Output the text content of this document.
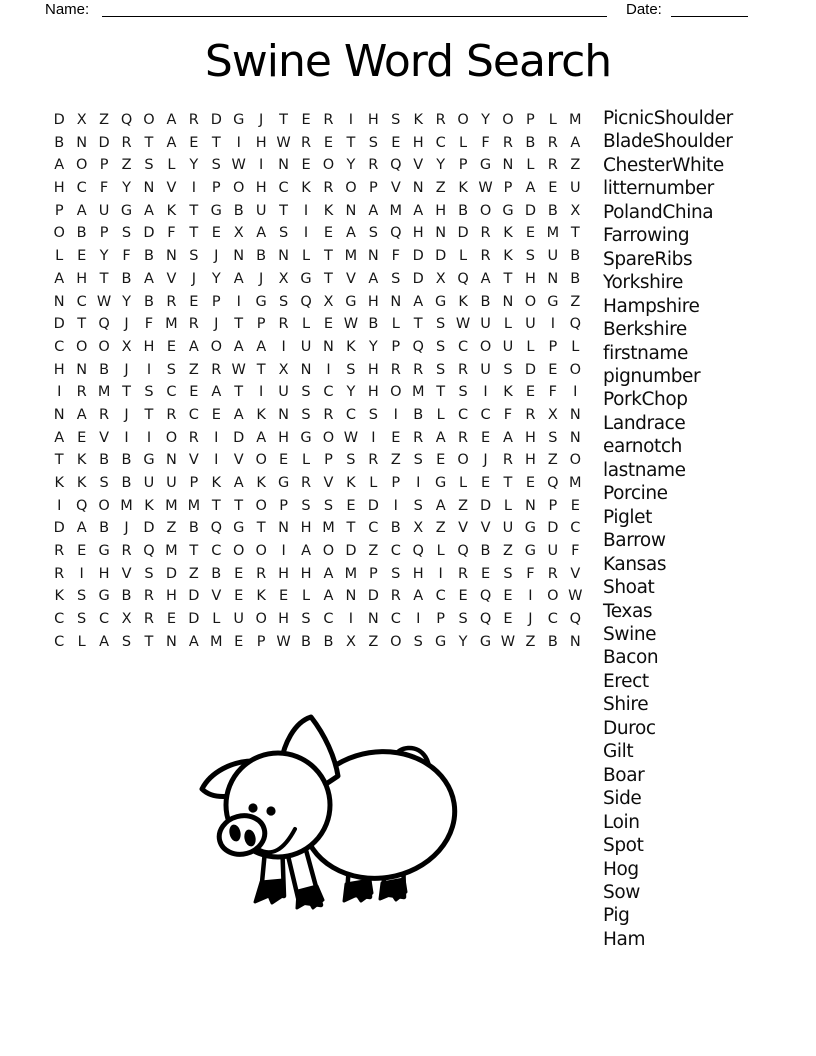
Name:	Date:
Swine Word Search
D X Z Q O A R D G	J	T E R	I	H S K R O Y O P L M
B N D R T A E T	I	H W R E T S E H C L F R B R A
A O P Z S L Y S W I	N E O Y R Q V Y P G N L R Z
H C F Y N V	I	P O H C K R O P V N Z K W P A E U
P A U G A K T G B U T	I	K N A M A H B O G D B X
O B P S D F T E X A S	I	E A S Q H N D R K E M T
L E Y F B N S	J	N B N L T M N F D D L R K S U B
A H T B A V	J	Y A	J	X G T V A S D X Q A T H N B
N C W Y B R E P	I	G S Q X G H N A G K B N O G Z
D T Q	J	F M R	J	T P R L E W B L T S W U L U	I	Q
C O O X H E A O A A	I	U N K Y P Q S C O U L P L
H N B	J	I	S Z R W T X N	I	S H R R S R U S D E O
I	R M T S C E A T	I	U S C Y H O M T S	I	K E F	I
N A R	J	T R C E A K N S R C S	I	B L C C F R X N
A E V	I	I	O R	I	D A H G O W I	E R A R E A H S N
T K B B G N V	I	V O E L P S R Z S E O	J	R H Z O
K K S B U U P K A K G R V K L P	I	G L E T E Q M
I	Q O M K M M T T O P S S E D	I	S A Z D L N P E
D A B	J	D Z B Q G T N H M T C B X Z V V U G D C
R E G R Q M T C O O	I	A O D Z C Q L Q B Z G U F
R	I	H V S D Z B E R H H A M P S H	I	R E S F R V
K S G B R H D V E K E L A N D R A C E Q E	I	O W
C S C X R E D L U O H S C	I	N C	I	P S Q E	J	C Q
C L A S T N A M E P W B B X Z O S G Y G W Z B N
PicnicShoulder
BladeShoulder
ChesterWhite
litternumber
PolandChina
Farrowing
SpareRibs
Yorkshire
Hampshire
Berkshire
firstname
pignumber
PorkChop
Landrace
earnotch
lastname
Porcine
Piglet
Barrow
Kansas
Shoat
Texas
Swine
Bacon
Erect
Shire
Duroc
Gilt
Boar
Side
Loin
Spot
Hog
Sow
Pig
Ham
